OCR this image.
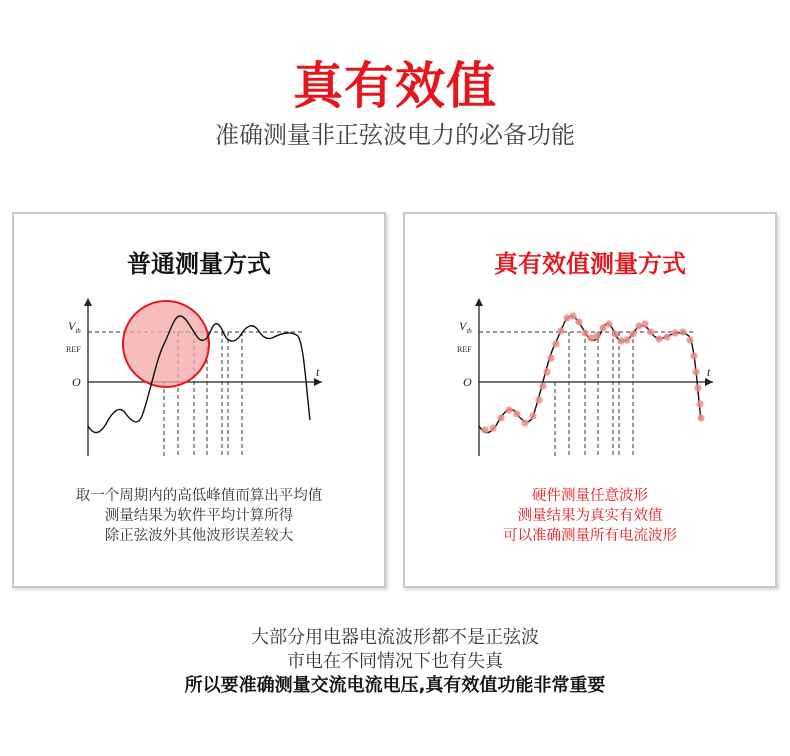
真有效值
准确测量非正弦波电力的必备功能
普通测量方式
$V_{th}$
REF
O
t
取一个周期内的高低峰值而算出平均值
测量结果为软件平均计算所得
除正弦波外其他波形误差较大
真有效值测量方式
$V_{th}$
REF
O
t
硬件测量任意波形
测量结果为真实有效值
可以准确测量所有电流波形
大部分用电器电流波形都不是正弦波
市电在不同情况下也有失真
所以要准确测量交流电流电压,真有效值功能非常重要
